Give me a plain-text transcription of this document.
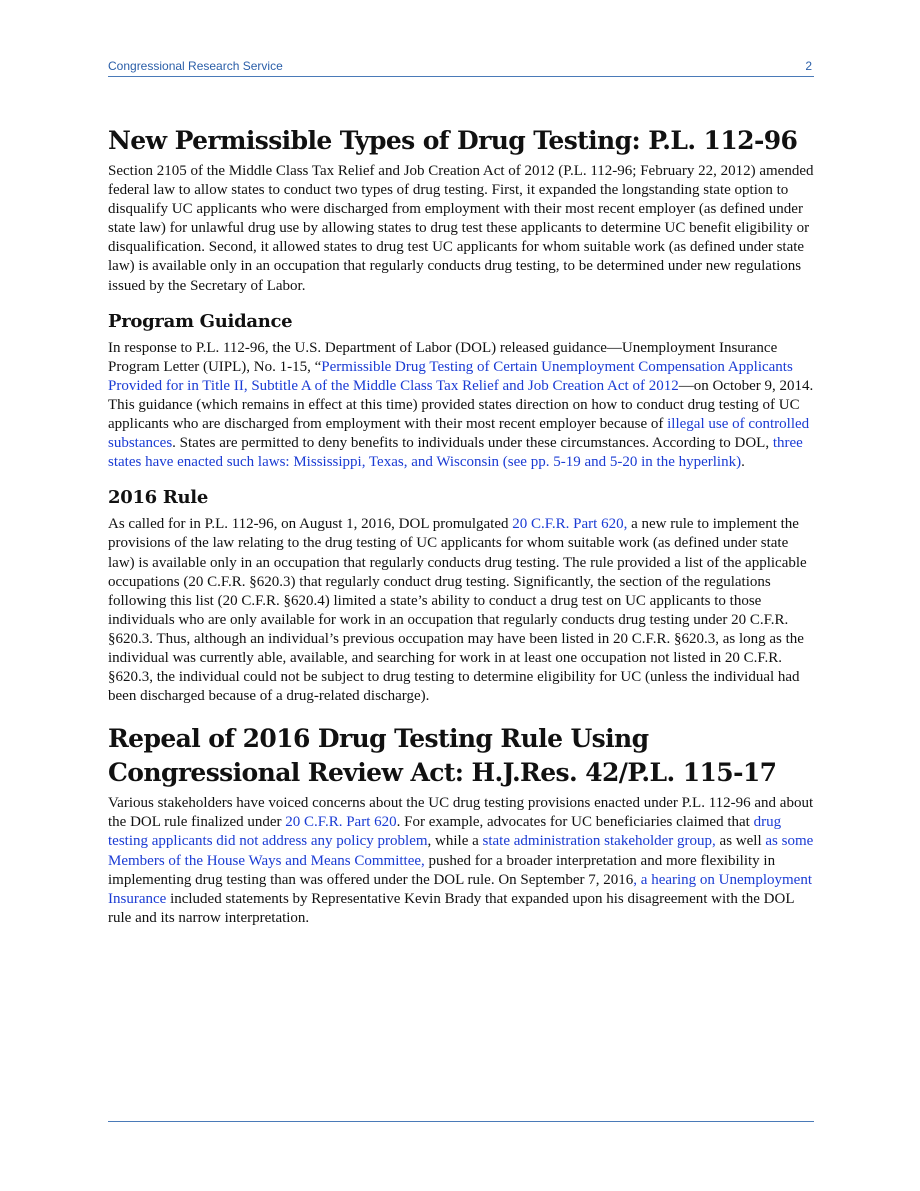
Congressional Research Service	2
New Permissible Types of Drug Testing: P.L. 112-96

Section 2105 of the Middle Class Tax Relief and Job Creation Act of 2012 (P.L. 112-96; February 22, 2012) amended federal law to allow states to conduct two types of drug testing. First, it expanded the longstanding state option to disqualify UC applicants who were discharged from employment with their most recent employer (as defined under state law) for unlawful drug use by allowing states to drug test these applicants to determine UC benefit eligibility or disqualification. Second, it allowed states to drug test UC applicants for whom suitable work (as defined under state law) is available only in an occupation that regularly conducts drug testing, to be determined under new regulations issued by the Secretary of Labor.

Program Guidance

In response to P.L. 112-96, the U.S. Department of Labor (DOL) released guidance—Unemployment Insurance Program Letter (UIPL), No. 1-15, “Permissible Drug Testing of Certain Unemployment Compensation Applicants Provided for in Title II, Subtitle A of the Middle Class Tax Relief and Job Creation Act of 2012—on October 9, 2014. This guidance (which remains in effect at this time) provided states direction on how to conduct drug testing of UC applicants who are discharged from employment with their most recent employer because of illegal use of controlled substances. States are permitted to deny benefits to individuals under these circumstances. According to DOL, three states have enacted such laws: Mississippi, Texas, and Wisconsin (see pp. 5-19 and 5-20 in the hyperlink).

2016 Rule

As called for in P.L. 112-96, on August 1, 2016, DOL promulgated 20 C.F.R. Part 620, a new rule to implement the provisions of the law relating to the drug testing of UC applicants for whom suitable work (as defined under state law) is available only in an occupation that regularly conducts drug testing. The rule provided a list of the applicable occupations (20 C.F.R. §620.3) that regularly conduct drug testing. Significantly, the section of the regulations following this list (20 C.F.R. §620.4) limited a state’s ability to conduct a drug test on UC applicants to those individuals who are only available for work in an occupation that regularly conducts drug testing under 20 C.F.R. §620.3. Thus, although an individual’s previous occupation may have been listed in 20 C.F.R. §620.3, as long as the individual was currently able, available, and searching for work in at least one occupation not listed in 20 C.F.R. §620.3, the individual could not be subject to drug testing to determine eligibility for UC (unless the individual had been discharged because of a drug-related discharge).

Repeal of 2016 Drug Testing Rule Using Congressional Review Act: H.J.Res. 42/P.L. 115-17

Various stakeholders have voiced concerns about the UC drug testing provisions enacted under P.L. 112-96 and about the DOL rule finalized under 20 C.F.R. Part 620. For example, advocates for UC beneficiaries claimed that drug testing applicants did not address any policy problem, while a state administration stakeholder group, as well as some Members of the House Ways and Means Committee, pushed for a broader interpretation and more flexibility in implementing drug testing than was offered under the DOL rule. On September 7, 2016, a hearing on Unemployment Insurance included statements by Representative Kevin Brady that expanded upon his disagreement with the DOL rule and its narrow interpretation.
